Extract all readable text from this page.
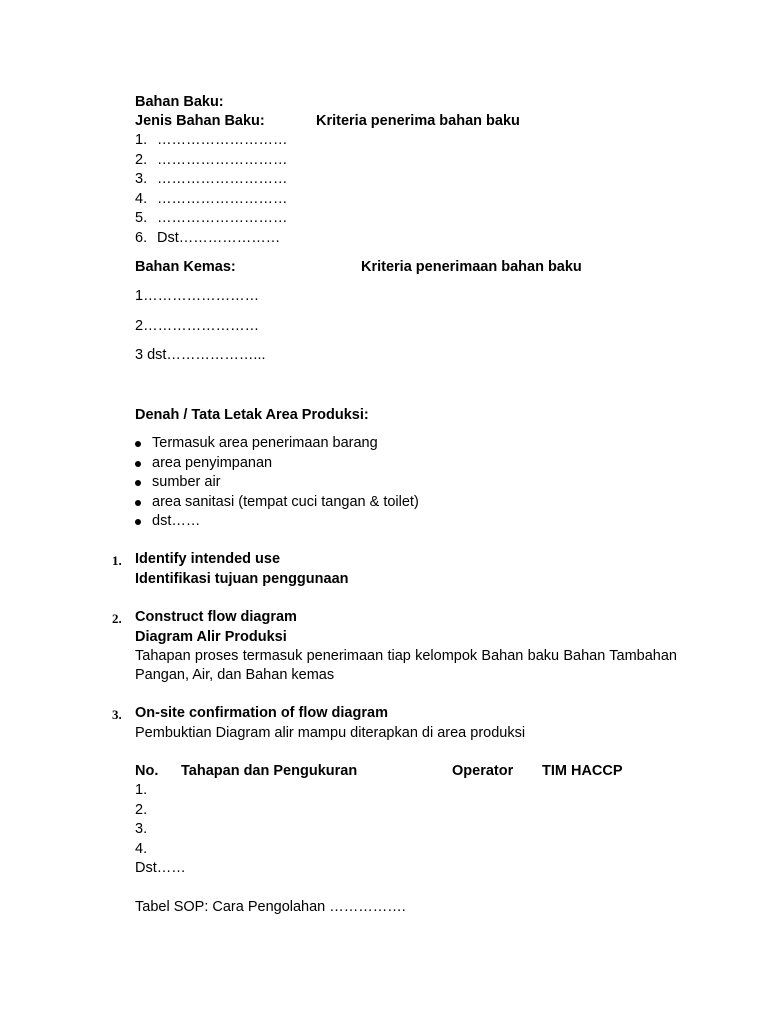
Bahan Baku:
Jenis Bahan Baku:	Kriteria penerima bahan baku
1. ………………………
2. ………………………
3. ………………………
4. ………………………
5. ………………………
6. Dst…………………
Bahan Kemas:	Kriteria penerimaan bahan baku
1……………………
2……………………
3 dst………………...
Denah / Tata Letak Area Produksi:
Termasuk area penerimaan barang
area penyimpanan
sumber air
area sanitasi (tempat cuci tangan & toilet)
dst……
1. Identify intended use
Identifikasi tujuan penggunaan
2. Construct flow diagram
Diagram Alir Produksi
Tahapan proses termasuk penerimaan tiap kelompok Bahan baku Bahan Tambahan Pangan, Air, dan Bahan kemas
3. On-site confirmation of flow diagram
Pembuktian Diagram alir mampu diterapkan di area produksi
No. Tahapan dan Pengukuran	Operator TIM HACCP
1.
2.
3.
4.
Dst……
Tabel SOP: Cara Pengolahan …………….
